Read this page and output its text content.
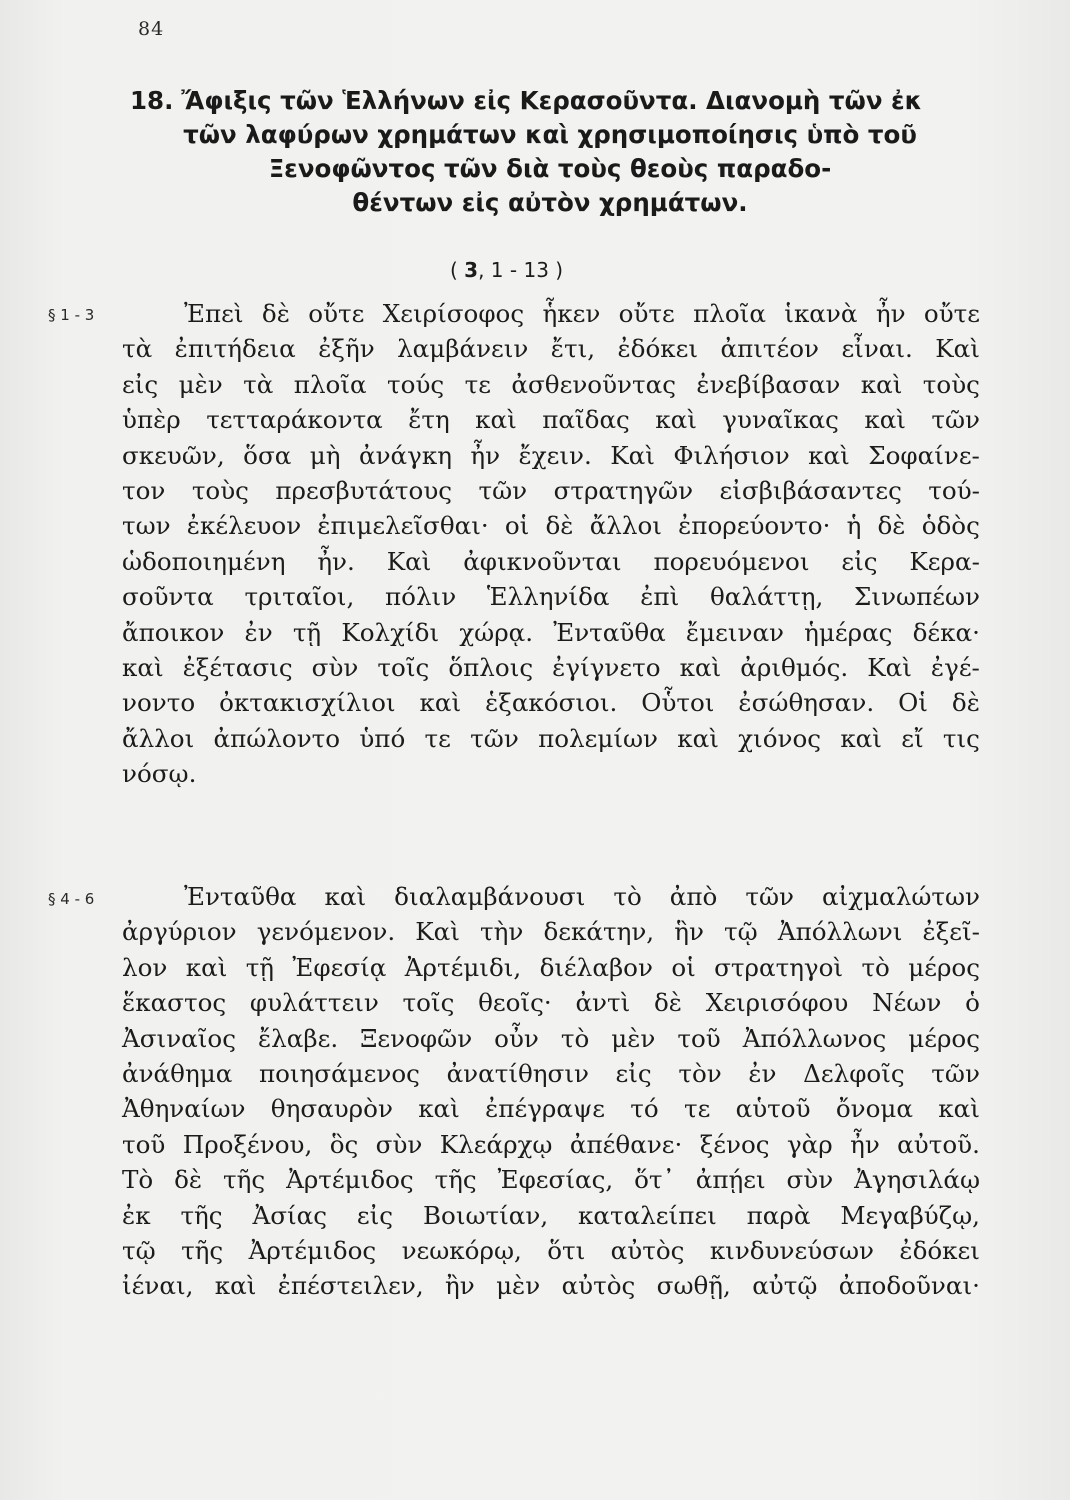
84
18. Ἄφιξις τῶν Ἑλλήνων εἰς Κερασοῦντα. Διανομὴ τῶν ἐκ
τῶν λαφύρων χρημάτων καὶ χρησιμοποίησις ὑπὸ τοῦ
Ξενοφῶντος τῶν διὰ τοὺς θεοὺς παραδο-
θέντων εἰς αὐτὸν χρημάτων.
( 3, 1 - 13 )
§ 1 - 3	Ἐπεὶ δὲ οὔτε Χειρίσοφος ἧκεν οὔτε πλοῖα ἱκανὰ ἦν οὔτε
τὰ ἐπιτήδεια ἐξῆν λαμβάνειν ἔτι, ἐδόκει ἀπιτέον εἶναι. Καὶ
εἰς μὲν τὰ πλοῖα τούς τε ἀσθενοῦντας ἐνεβίβασαν καὶ τοὺς
ὑπὲρ τετταράκοντα ἔτη καὶ παῖδας καὶ γυναῖκας καὶ τῶν
σκευῶν, ὅσα μὴ ἀνάγκη ἦν ἔχειν. Καὶ Φιλήσιον καὶ Σοφαίνε-
τον τοὺς πρεσβυτάτους τῶν στρατηγῶν εἰσβιβάσαντες τού-
των ἐκέλευον ἐπιμελεῖσθαι· οἱ δὲ ἄλλοι ἐπορεύοντο· ἡ δὲ ὁδὸς
ὡδοποιημένη ἦν. Καὶ ἀφικνοῦνται πορευόμενοι εἰς Κερα-
σοῦντα τριταῖοι, πόλιν Ἑλληνίδα ἐπὶ θαλάττῃ, Σινωπέων
ἄποικον ἐν τῇ Κολχίδι χώρᾳ. Ἐνταῦθα ἔμειναν ἡμέρας δέκα·
καὶ ἐξέτασις σὺν τοῖς ὅπλοις ἐγίγνετο καὶ ἀριθμός. Καὶ ἐγέ-
νοντο ὀκτακισχίλιοι καὶ ἑξακόσιοι. Οὗτοι ἐσώθησαν. Οἱ δὲ
ἄλλοι ἀπώλοντο ὑπό τε τῶν πολεμίων καὶ χιόνος καὶ εἴ τις
νόσῳ.
§ 4 - 6	Ἐνταῦθα καὶ διαλαμβάνουσι τὸ ἀπὸ τῶν αἰχμαλώτων
ἀργύριον γενόμενον. Καὶ τὴν δεκάτην, ἣν τῷ Ἀπόλλωνι ἐξεῖ-
λον καὶ τῇ Ἐφεσίᾳ Ἀρτέμιδι, διέλαβον οἱ στρατηγοὶ τὸ μέρος
ἕκαστος φυλάττειν τοῖς θεοῖς· ἀντὶ δὲ Χειρισόφου Νέων ὁ
Ἀσιναῖος ἔλαβε. Ξενοφῶν οὖν τὸ μὲν τοῦ Ἀπόλλωνος μέρος
ἀνάθημα ποιησάμενος ἀνατίθησιν εἰς τὸν ἐν Δελφοῖς τῶν
Ἀθηναίων θησαυρὸν καὶ ἐπέγραψε τό τε αὑτοῦ ὄνομα καὶ
τοῦ Προξένου, ὃς σὺν Κλεάρχῳ ἀπέθανε· ξένος γὰρ ἦν αὐτοῦ.
Τὸ δὲ τῆς Ἀρτέμιδος τῆς Ἐφεσίας, ὅτ᾽ ἀπῄει σὺν Ἀγησιλάῳ
ἐκ τῆς Ἀσίας εἰς Βοιωτίαν, καταλείπει παρὰ Μεγαβύζῳ,
τῷ τῆς Ἀρτέμιδος νεωκόρῳ, ὅτι αὐτὸς κινδυνεύσων ἐδόκει
ἰέναι, καὶ ἐπέστειλεν, ἢν μὲν αὐτὸς σωθῇ, αὐτῷ ἀποδοῦναι·
